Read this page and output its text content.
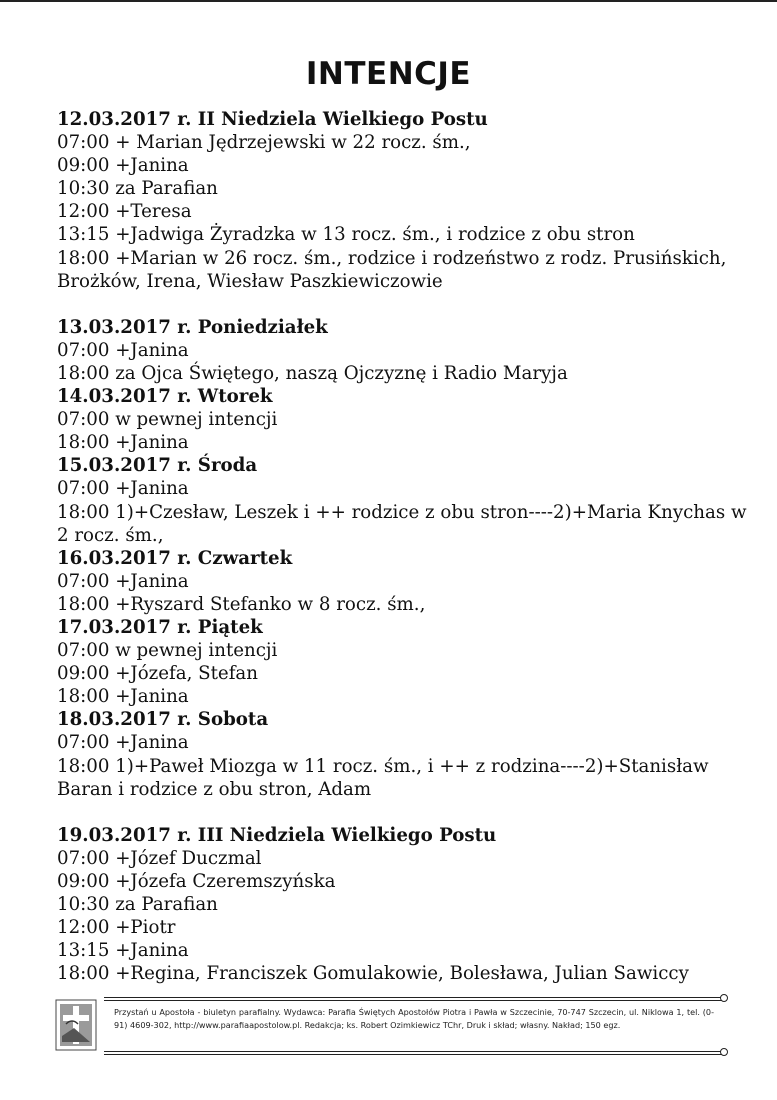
INTENCJE
12.03.2017 r. II Niedziela Wielkiego Postu
07:00 + Marian Jędrzejewski w 22 rocz. śm.,
09:00 +Janina
10:30 za Parafian
12:00 +Teresa
13:15 +Jadwiga Żyradzka w 13 rocz. śm., i rodzice z obu stron
18:00 +Marian w 26 rocz. śm., rodzice i rodzeństwo z rodz. Prusińskich, Brożków, Irena, Wiesław Paszkiewiczowie
13.03.2017 r. Poniedziałek
07:00 +Janina
18:00 za Ojca Świętego, naszą Ojczyznę i Radio Maryja
14.03.2017 r. Wtorek
07:00 w pewnej intencji
18:00 +Janina
15.03.2017 r. Środa
07:00 +Janina
18:00 1)+Czesław, Leszek i ++ rodzice z obu stron----2)+Maria Knychas w 2 rocz. śm.,
16.03.2017 r. Czwartek
07:00 +Janina
18:00 +Ryszard Stefanko w 8 rocz. śm.,
17.03.2017 r. Piątek
07:00 w pewnej intencji
09:00 +Józefa, Stefan
18:00 +Janina
18.03.2017 r. Sobota
07:00 +Janina
18:00 1)+Paweł Miozga w 11 rocz. śm., i ++ z rodzina----2)+Stanisław Baran i rodzice z obu stron, Adam
19.03.2017 r. III Niedziela Wielkiego Postu
07:00 +Józef Duczmal
09:00 +Józefa Czeremszyńska
10:30 za Parafian
12:00 +Piotr
13:15 +Janina
18:00 +Regina, Franciszek Gomulakowie, Bolesława, Julian Sawiccy
Przystań u Apostoła - biuletyn parafialny. Wydawca: Parafia Świętych Apostołów Piotra i Pawła w Szczecinie, 70-747 Szczecin, ul. Niklowa 1, tel. (0-91) 4609-302, http://www.parafiaapostolow.pl. Redakcja; ks. Robert Ozimkiewicz TChr, Druk i skład; własny. Nakład; 150 egz.
